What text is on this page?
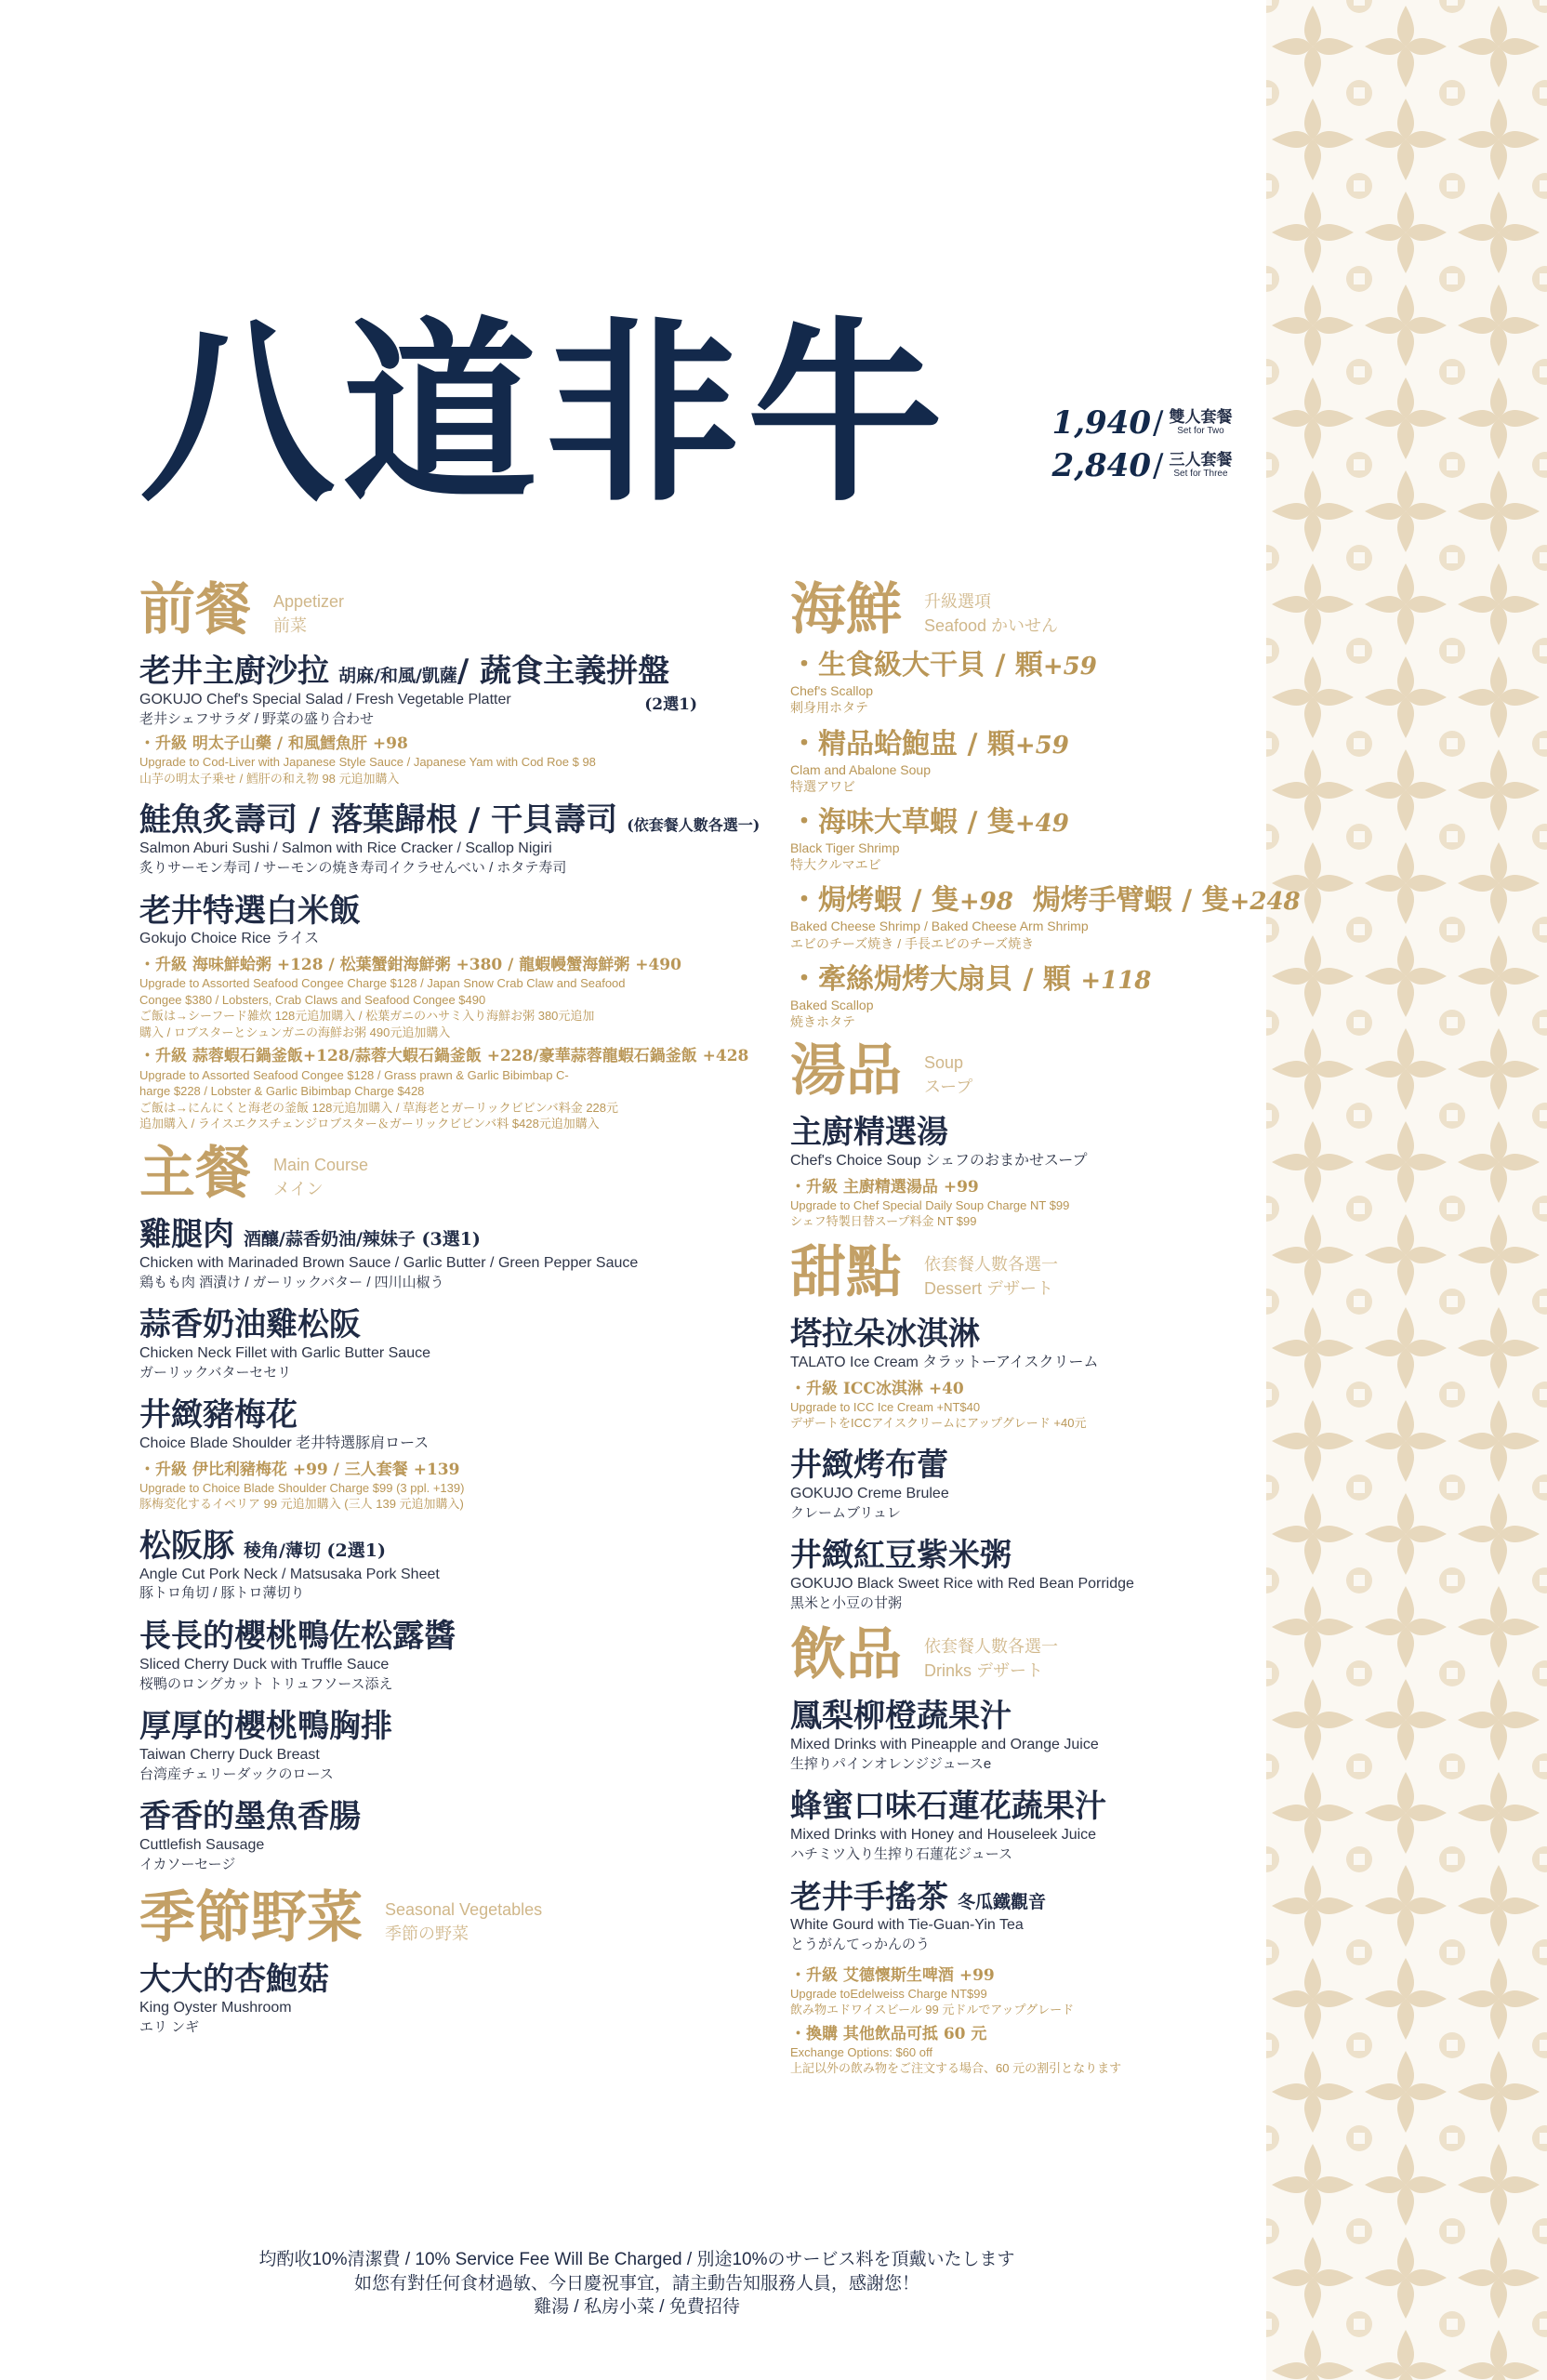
八道非牛	1,940 / 雙人套餐
Set for Two
2,840 / 三人套餐
Set for Three
前餐 Appetizer
前菜
老井主廚沙拉 胡麻/和風/凱薩/ 蔬食主義拼盤
GOKUJO Chef's Special Salad / Fresh Vegetable Platter
老井シェフサラダ / 野菜の盛り合わせ
(2選1)
・升級 明太子山藥 / 和風鱈魚肝 +98
Upgrade to Cod-Liver with Japanese Style Sauce / Japanese Yam with Cod Roe $ 98
山芋の明太子乗せ / 鱈肝の和え物 98 元追加購入
鮭魚炙壽司 / 落葉歸根 / 干貝壽司 (依套餐人數各選一)
Salmon Aburi Sushi / Salmon with Rice Cracker / Scallop Nigiri
炙りサーモン寿司 / サーモンの焼き寿司イクラせんべい / ホタテ寿司
老井特選白米飯
Gokujo Choice Rice ライス
・升級 海味鮮蛤粥 +128 / 松葉蟹鉗海鮮粥 +380 / 龍蝦幔蟹海鮮粥 +490
Upgrade to Assorted Seafood Congee Charge $128 / Japan Snow Crab Claw and Seafood
Congee $380 / Lobsters, Crab Claws and Seafood Congee $490
ご飯は→シーフード雑炊 128元追加購入 / 松葉ガニのハサミ入り海鮮お粥 380元追加
購入 / ロブスターとシュンガニの海鮮お粥 490元追加購入
・升級 蒜蓉蝦石鍋釜飯+128/蒜蓉大蝦石鍋釜飯 +228/豪華蒜蓉龍蝦石鍋釜飯 +428
Upgrade to Assorted Seafood Congee $128 / Grass prawn & Garlic Bibimbap C-
harge $228 / Lobster & Garlic Bibimbap Charge $428
ご飯は→にんにくと海老の釜飯 128元追加購入 / 草海老とガーリックビビンバ料金 228元
追加購入 / ライスエクスチェンジロブスター＆ガーリックビビンバ料 $428元追加購入
主餐 Main Course
メイン
雞腿肉 酒釀/蒜香奶油/辣妹子 (3選1)
Chicken with Marinaded Brown Sauce / Garlic Butter / Green Pepper Sauce
鶏もも肉 酒漬け / ガーリックバター / 四川山椒う
蒜香奶油雞松阪
Chicken Neck Fillet with Garlic Butter Sauce
ガーリックバターセセリ
井緻豬梅花
Choice Blade Shoulder 老井特選豚肩ロース
・升級 伊比利豬梅花 +99 / 三人套餐 +139
Upgrade to Choice Blade Shoulder Charge $99 (3 ppl. +139)
豚梅変化するイベリア 99 元追加購入 (三人 139 元追加購入)
松阪豚 稜角/薄切 (2選1)
Angle Cut Pork Neck / Matsusaka Pork Sheet
豚トロ角切 / 豚トロ薄切り
長長的櫻桃鴨佐松露醬
Sliced Cherry Duck with Truffle Sauce
桜鴨のロングカット トリュフソース添え
厚厚的櫻桃鴨胸排
Taiwan Cherry Duck Breast
台湾産チェリーダックのロース
香香的墨魚香腸
Cuttlefish Sausage
イカソーセージ
季節野菜 Seasonal Vegetables
季節の野菜
大大的杏鮑菇
King Oyster Mushroom
エリ ンギ
海鮮 升級選項
Seafood かいせん
・生食級大干貝 / 顆+59
Chef's Scallop
刺身用ホタテ
・精品蛤鮑盅 / 顆+59
Clam and Abalone Soup
特選アワビ
・海味大草蝦 / 隻+49
Black Tiger Shrimp
特大クルマエビ
・焗烤蝦 / 隻+98 焗烤手臂蝦 / 隻+248
Baked Cheese Shrimp / Baked Cheese Arm Shrimp
エビのチーズ焼き / 手長エビのチーズ焼き
・牽絲焗烤大扇貝 / 顆 +118
Baked Scallop
焼きホタテ
湯品 Soup
スープ
主廚精選湯
Chef's Choice Soup シェフのおまかせスープ
・升級 主廚精選湯品 +99
Upgrade to Chef Special Daily Soup Charge NT $99
シェフ特製日替スープ料金 NT $99
甜點 依套餐人數各選一
Dessert デザート
塔拉朵冰淇淋
TALATO Ice Cream タラットーアイスクリーム
・升級 ICC冰淇淋 +40
Upgrade to ICC Ice Cream +NT$40
デザートをICCアイスクリームにアップグレード +40元
井緻烤布蕾
GOKUJO Creme Brulee
クレームブリュレ
井緻紅豆紫米粥
GOKUJO Black Sweet Rice with Red Bean Porridge
黒米と小豆の甘粥
飲品 依套餐人數各選一
Drinks デザート
鳳梨柳橙蔬果汁
Mixed Drinks with Pineapple and Orange Juice
生搾りパインオレンジジュースe
蜂蜜口味石蓮花蔬果汁
Mixed Drinks with Honey and Houseleek Juice
ハチミツ入り生搾り石蓮花ジュース
老井手搖茶 冬瓜鐵觀音
White Gourd with Tie-Guan-Yin Tea
とうがんてっかんのう
・升級 艾德懷斯生啤酒 +99
Upgrade toEdelweiss Charge NT$99
飲み物エドワイスビール 99 元ドルでアップグレード
・換購 其他飲品可抵 60 元
Exchange Options: $60 off
上記以外の飲み物をご注文する場合、60 元の割引となります
均酌收10%清潔費 / 10% Service Fee Will Be Charged / 別途10%のサービス料を頂戴いたします
如您有對任何食材過敏、今日慶祝事宜，請主動告知服務人員，感謝您！
雞湯 / 私房小菜 / 免費招待
